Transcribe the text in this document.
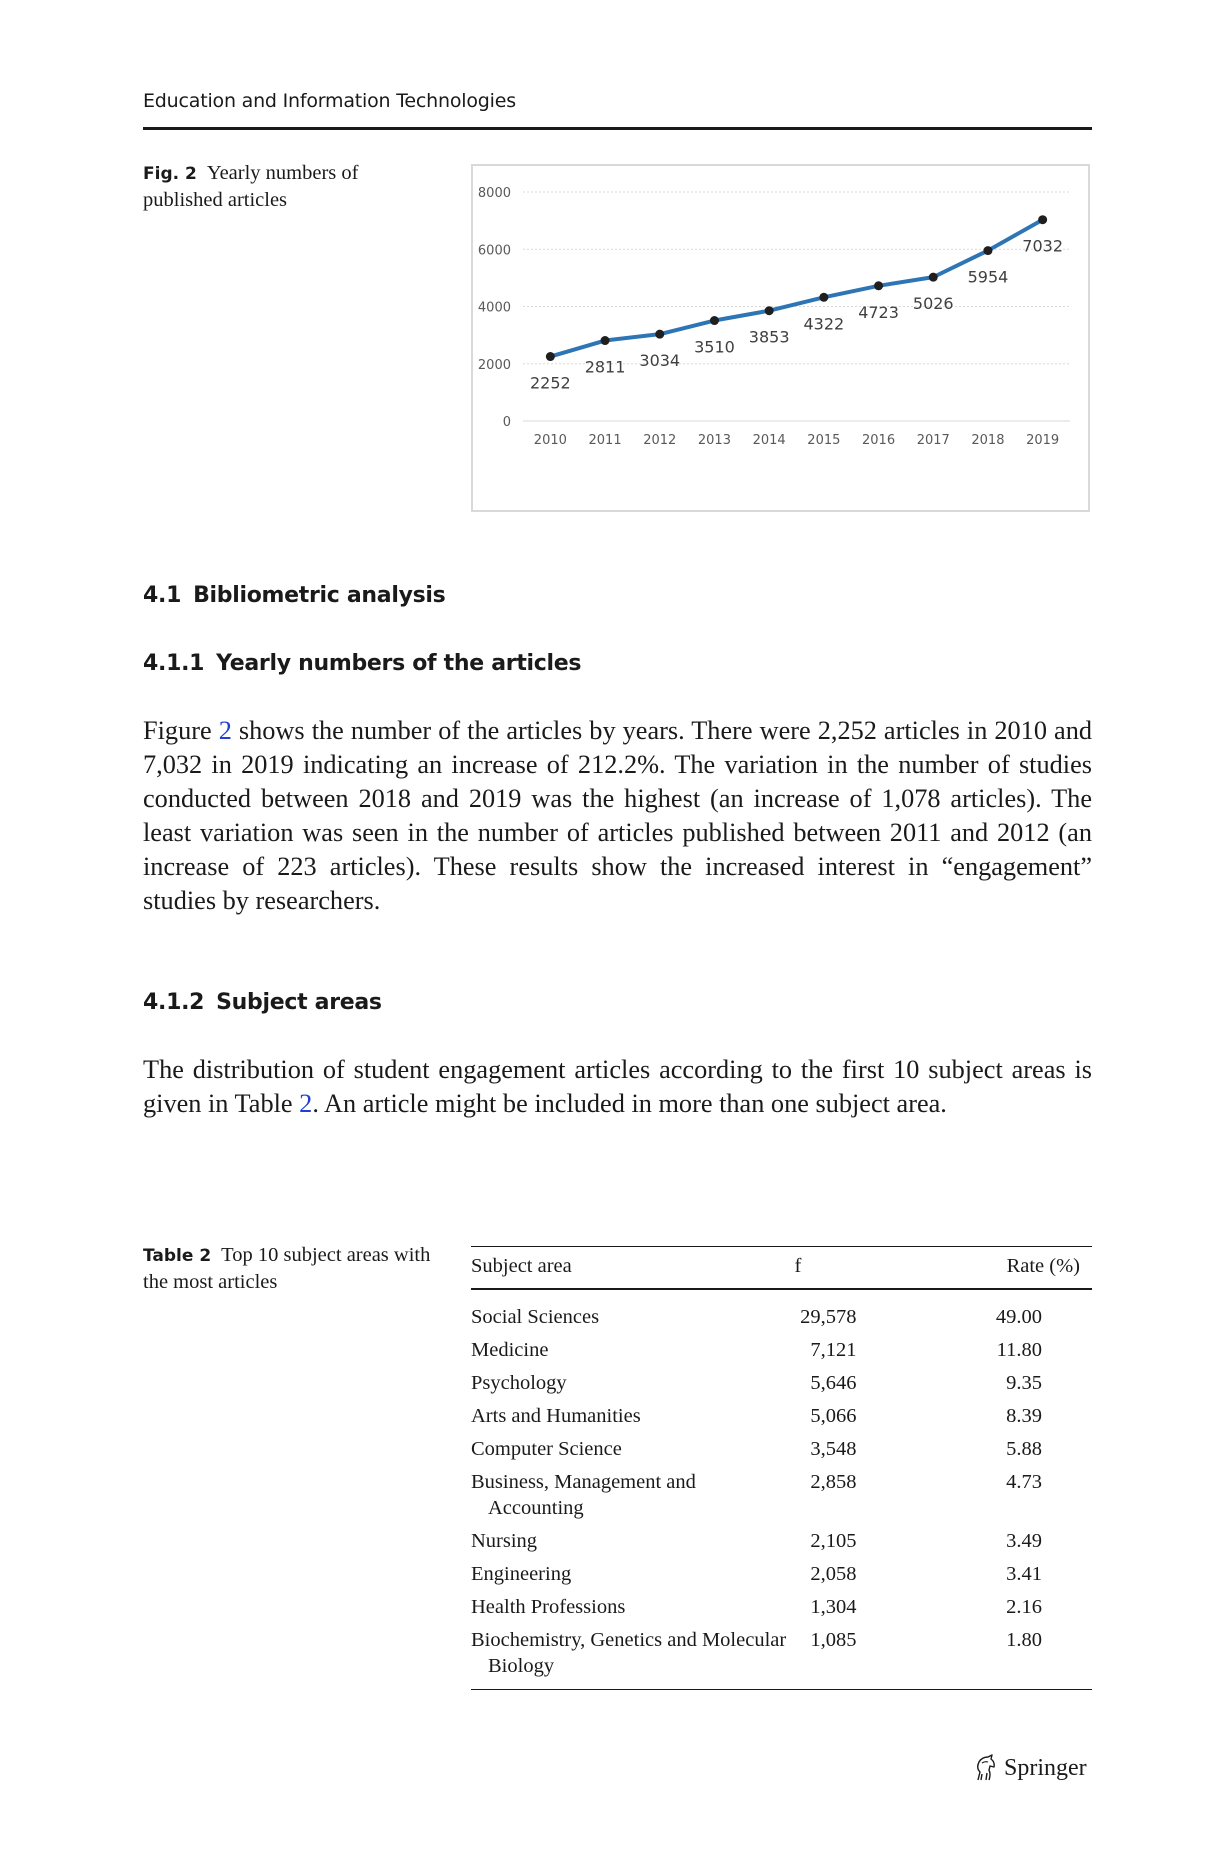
Education and Information Technologies
Fig. 2 Yearly numbers of published articles
0
2000
4000
6000
8000
2010 2011 2012 2013 2014 2015 2016 2017 2018 2019
2252
2811 3034
3510
3853
4322
4723 5026
5954
7032
4.1 Bibliometric analysis
4.1.1 Yearly numbers of the articles

Figure 2 shows the number of the articles by years. There were 2,252 articles in 2010 and 7,032 in 2019 indicating an increase of 212.2%. The variation in the number of studies conducted between 2018 and 2019 was the highest (an increase of 1,078 articles). The least variation was seen in the number of articles published between 2011 and 2012 (an increase of 223 articles). These results show the increased interest in “engagement” studies by researchers.

4.1.2 Subject areas

The distribution of student engagement articles according to the first 10 subject areas is given in Table 2. An article might be included in more than one subject area.

Table 2 Top 10 subject areas with the most articles
Subject area	f	Rate (%)

Social Sciences	29,578	49.00

Medicine	7,121	11.80

Psychology	5,646	9.35

Arts and Humanities	5,066	8.39

Computer Science	3,548	5.88

Business, Management and Accounting	2,858	4.73

Nursing	2,105	3.49

Engineering	2,058	3.41

Health Professions	1,304	2.16

Biochemistry, Genetics and Molecular Biology	1,085	1.80
Springer
